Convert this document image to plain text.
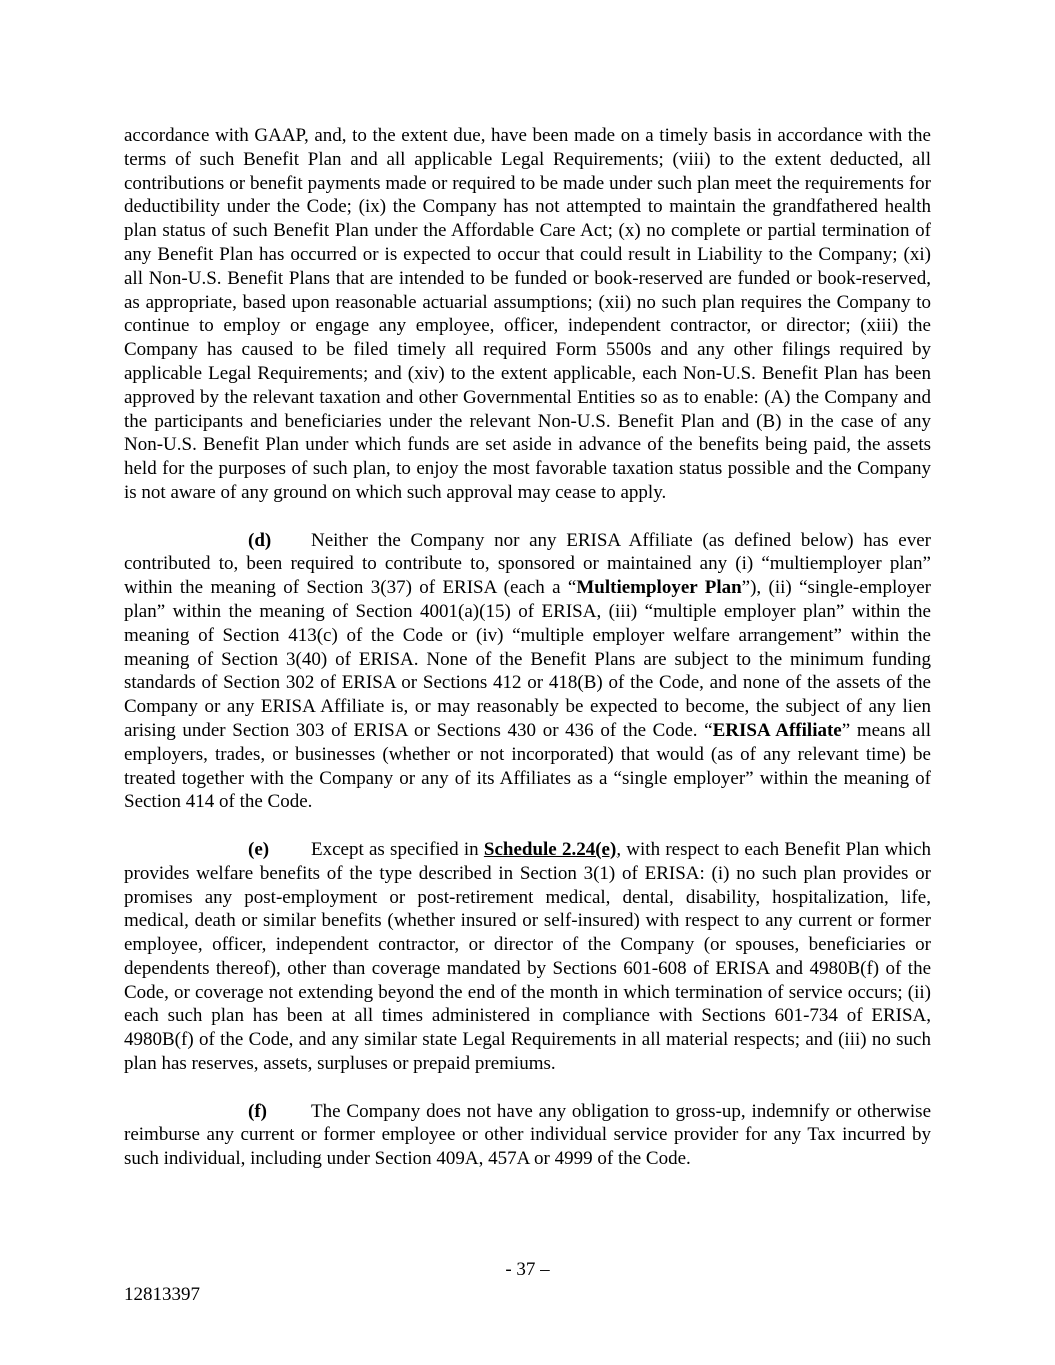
accordance with GAAP, and, to the extent due, have been made on a timely basis in accordance with the terms of such Benefit Plan and all applicable Legal Requirements; (viii) to the extent deducted, all contributions or benefit payments made or required to be made under such plan meet the requirements for deductibility under the Code; (ix) the Company has not attempted to maintain the grandfathered health plan status of such Benefit Plan under the Affordable Care Act; (x) no complete or partial termination of any Benefit Plan has occurred or is expected to occur that could result in Liability to the Company; (xi) all Non-U.S. Benefit Plans that are intended to be funded or book-reserved are funded or book-reserved, as appropriate, based upon reasonable actuarial assumptions; (xii) no such plan requires the Company to continue to employ or engage any employee, officer, independent contractor, or director; (xiii) the Company has caused to be filed timely all required Form 5500s and any other filings required by applicable Legal Requirements; and (xiv) to the extent applicable, each Non-U.S. Benefit Plan has been approved by the relevant taxation and other Governmental Entities so as to enable: (A) the Company and the participants and beneficiaries under the relevant Non-U.S. Benefit Plan and (B) in the case of any Non-U.S. Benefit Plan under which funds are set aside in advance of the benefits being paid, the assets held for the purposes of such plan, to enjoy the most favorable taxation status possible and the Company is not aware of any ground on which such approval may cease to apply.

(d) Neither the Company nor any ERISA Affiliate (as defined below) has ever contributed to, been required to contribute to, sponsored or maintained any (i) “multiemployer plan” within the meaning of Section 3(37) of ERISA (each a “Multiemployer Plan”), (ii) “single-employer plan” within the meaning of Section 4001(a)(15) of ERISA, (iii) “multiple employer plan” within the meaning of Section 413(c) of the Code or (iv) “multiple employer welfare arrangement” within the meaning of Section 3(40) of ERISA. None of the Benefit Plans are subject to the minimum funding standards of Section 302 of ERISA or Sections 412 or 418(B) of the Code, and none of the assets of the Company or any ERISA Affiliate is, or may reasonably be expected to become, the subject of any lien arising under Section 303 of ERISA or Sections 430 or 436 of the Code. “ERISA Affiliate” means all employers, trades, or businesses (whether or not incorporated) that would (as of any relevant time) be treated together with the Company or any of its Affiliates as a “single employer” within the meaning of Section 414 of the Code.

(e) Except as specified in Schedule 2.24(e), with respect to each Benefit Plan which provides welfare benefits of the type described in Section 3(1) of ERISA: (i) no such plan provides or promises any post-employment or post-retirement medical, dental, disability, hospitalization, life, medical, death or similar benefits (whether insured or self-insured) with respect to any current or former employee, officer, independent contractor, or director of the Company (or spouses, beneficiaries or dependents thereof), other than coverage mandated by Sections 601-608 of ERISA and 4980B(f) of the Code, or coverage not extending beyond the end of the month in which termination of service occurs; (ii) each such plan has been at all times administered in compliance with Sections 601-734 of ERISA, 4980B(f) of the Code, and any similar state Legal Requirements in all material respects; and (iii) no such plan has reserves, assets, surpluses or prepaid premiums.

(f) The Company does not have any obligation to gross-up, indemnify or otherwise reimburse any current or former employee or other individual service provider for any Tax incurred by such individual, including under Section 409A, 457A or 4999 of the Code.

- 37 –
12813397
